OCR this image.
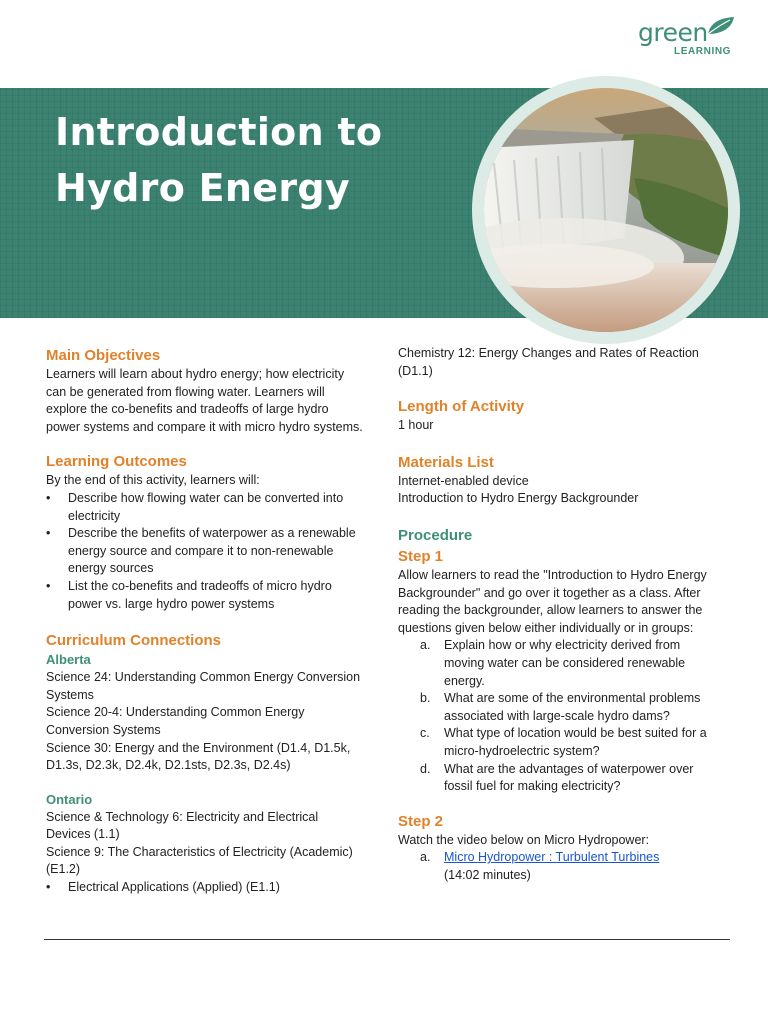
green
LEARNING
Introduction to
Hydro Energy
Main Objectives

Learners will learn about hydro energy; how electricity can be generated from flowing water. Learners will explore the co-benefits and tradeoffs of large hydro power systems and compare it with micro hydro systems.

Learning Outcomes

By the end of this activity, learners will:

• Describe how flowing water can be converted into electricity
• Describe the benefits of waterpower as a renewable energy source and compare it to non-renewable energy sources
• List the co-benefits and tradeoffs of micro hydro power vs. large hydro power systems
Curriculum Connections
Alberta

Science 24: Understanding Common Energy Conversion Systems

Science 20-4: Understanding Common Energy Conversion Systems

Science 30: Energy and the Environment (D1.4, D1.5k, D1.3s, D2.3k, D2.4k, D2.1sts, D2.3s, D2.4s)

Ontario

Science & Technology 6: Electricity and Electrical Devices (1.1)

Science 9: The Characteristics of Electricity (Academic) (E1.2)

• Electrical Applications (Applied) (E1.1)

Chemistry 12: Energy Changes and Rates of Reaction (D1.1)

Length of Activity

1 hour

Materials List

Internet-enabled device

Introduction to Hydro Energy Backgrounder

Procedure
Step 1

Allow learners to read the "Introduction to Hydro Energy Backgrounder" and go over it together as a class. After reading the backgrounder, allow learners to answer the questions given below either individually or in groups:

a. Explain how or why electricity derived from moving water can be considered renewable energy.
b. What are some of the environmental problems associated with large-scale hydro dams?
c. What type of location would be best suited for a micro-hydroelectric system?
d. What are the advantages of waterpower over fossil fuel for making electricity?
Step 2

Watch the video below on Micro Hydropower:

a. Micro Hydropower : Turbulent Turbines
(14:02 minutes)
